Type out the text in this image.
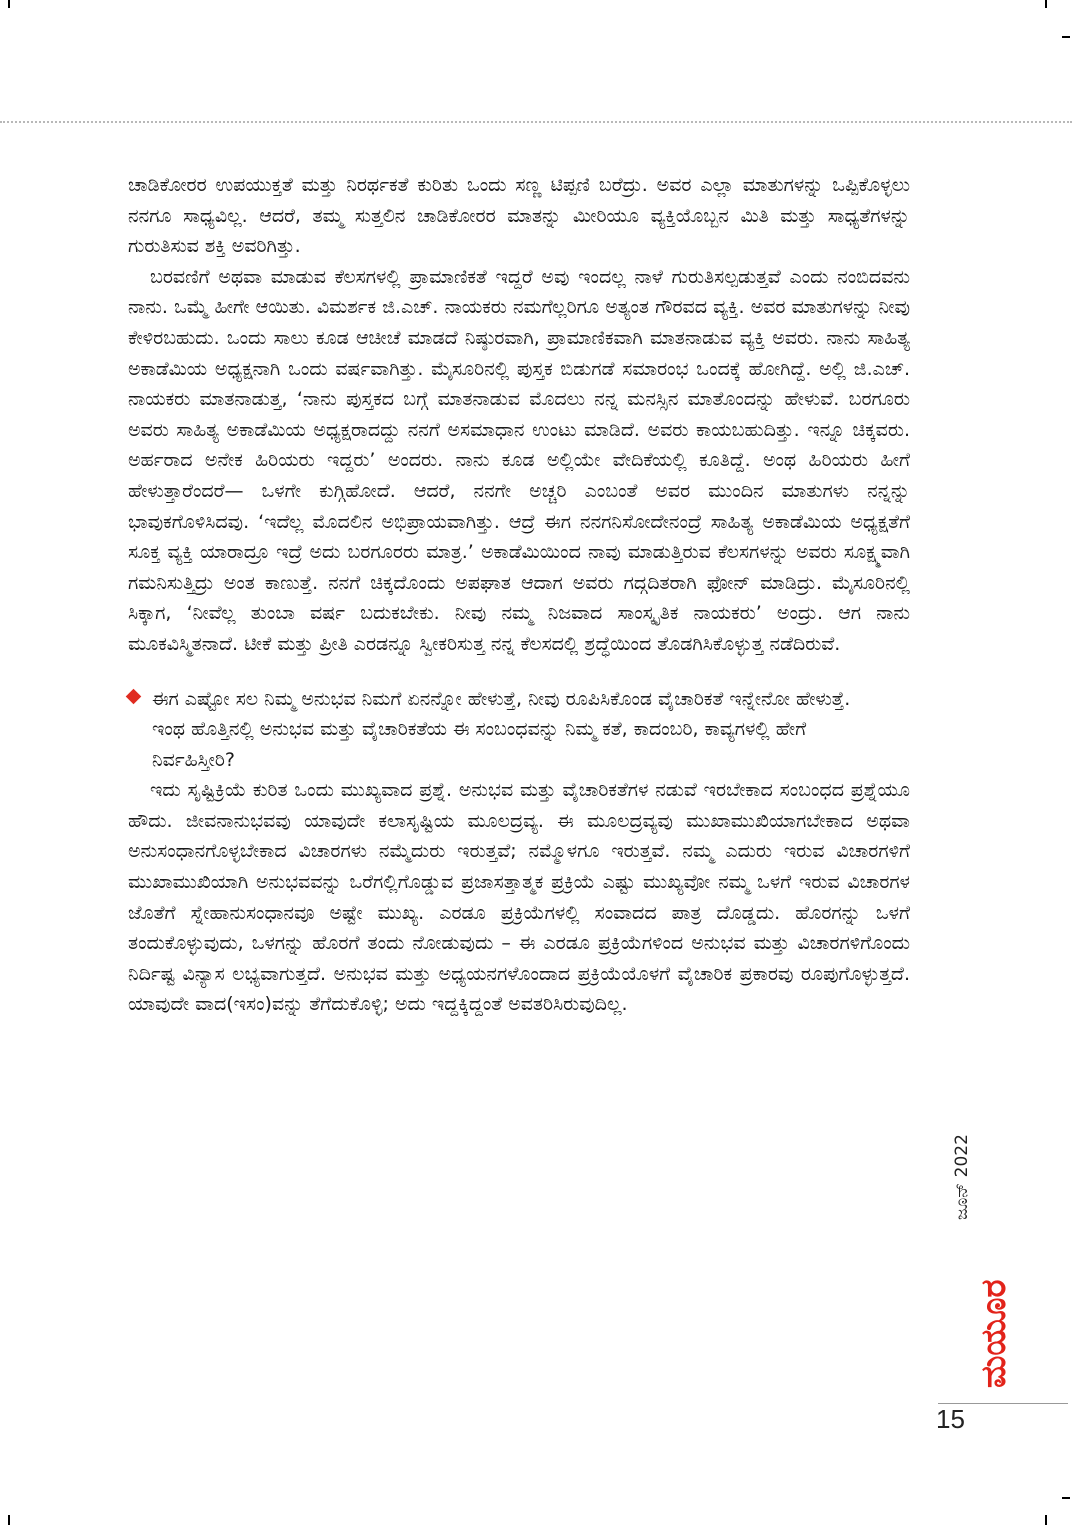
ಚಾಡಿಕೋರರ ಉಪಯುಕ್ತತೆ ಮತ್ತು ನಿರರ್ಥಕತೆ ಕುರಿತು ಒಂದು ಸಣ್ಣ ಟಿಪ್ಪಣಿ ಬರೆದ್ರು. ಅವರ ಎಲ್ಲಾ ಮಾತುಗಳನ್ನು ಒಪ್ಪಿಕೊಳ್ಳಲು ನನಗೂ ಸಾಧ್ಯವಿಲ್ಲ. ಆದರೆ, ತಮ್ಮ ಸುತ್ತಲಿನ ಚಾಡಿಕೋರರ ಮಾತನ್ನು ಮೀರಿಯೂ ವ್ಯಕ್ತಿಯೊಬ್ಬನ ಮಿತಿ ಮತ್ತು ಸಾಧ್ಯತೆಗಳನ್ನು ಗುರುತಿಸುವ ಶಕ್ತಿ ಅವರಿಗಿತ್ತು.

ಬರವಣಿಗೆ ಅಥವಾ ಮಾಡುವ ಕೆಲಸಗಳಲ್ಲಿ ಪ್ರಾಮಾಣಿಕತೆ ಇದ್ದರೆ ಅವು ಇಂದಲ್ಲ ನಾಳೆ ಗುರುತಿಸಲ್ಪಡುತ್ತವೆ ಎಂದು ನಂಬಿದವನು ನಾನು. ಒಮ್ಮೆ ಹೀಗೇ ಆಯಿತು. ವಿಮರ್ಶಕ ಜಿ.ಎಚ್. ನಾಯಕರು ನಮಗೆಲ್ಲರಿಗೂ ಅತ್ಯಂತ ಗೌರವದ ವ್ಯಕ್ತಿ. ಅವರ ಮಾತುಗಳನ್ನು ನೀವು ಕೇಳಿರಬಹುದು. ಒಂದು ಸಾಲು ಕೂಡ ಆಚೀಚೆ ಮಾಡದೆ ನಿಷ್ಠುರವಾಗಿ, ಪ್ರಾಮಾಣಿಕವಾಗಿ ಮಾತನಾಡುವ ವ್ಯಕ್ತಿ ಅವರು. ನಾನು ಸಾಹಿತ್ಯ ಅಕಾಡೆಮಿಯ ಅಧ್ಯಕ್ಷನಾಗಿ ಒಂದು ವರ್ಷವಾಗಿತ್ತು. ಮೈಸೂರಿನಲ್ಲಿ ಪುಸ್ತಕ ಬಿಡುಗಡೆ ಸಮಾರಂಭ ಒಂದಕ್ಕೆ ಹೋಗಿದ್ದೆ. ಅಲ್ಲಿ ಜಿ.ಎಚ್. ನಾಯಕರು ಮಾತನಾಡುತ್ತ, ‘ನಾನು ಪುಸ್ತಕದ ಬಗ್ಗೆ ಮಾತನಾಡುವ ಮೊದಲು ನನ್ನ ಮನಸ್ಸಿನ ಮಾತೊಂದನ್ನು ಹೇಳುವೆ. ಬರಗೂರು ಅವರು ಸಾಹಿತ್ಯ ಅಕಾಡೆಮಿಯ ಅಧ್ಯಕ್ಷರಾದದ್ದು ನನಗೆ ಅಸಮಾಧಾನ ಉಂಟು ಮಾಡಿದೆ. ಅವರು ಕಾಯಬಹುದಿತ್ತು. ಇನ್ನೂ ಚಿಕ್ಕವರು. ಅರ್ಹರಾದ ಅನೇಕ ಹಿರಿಯರು ಇದ್ದರು’ ಅಂದರು. ನಾನು ಕೂಡ ಅಲ್ಲಿಯೇ ವೇದಿಕೆಯಲ್ಲಿ ಕೂತಿದ್ದೆ. ಅಂಥ ಹಿರಿಯರು ಹೀಗೆ ಹೇಳುತ್ತಾರೆಂದರೆ— ಒಳಗೇ ಕುಗ್ಗಿಹೋದೆ. ಆದರೆ, ನನಗೇ ಅಚ್ಚರಿ ಎಂಬಂತೆ ಅವರ ಮುಂದಿನ ಮಾತುಗಳು ನನ್ನನ್ನು ಭಾವುಕಗೊಳಿಸಿದವು. ‘ಇದೆಲ್ಲ ಮೊದಲಿನ ಅಭಿಪ್ರಾಯವಾಗಿತ್ತು. ಆದ್ರೆ ಈಗ ನನಗನಿಸೋದೇನಂದ್ರೆ ಸಾಹಿತ್ಯ ಅಕಾಡೆಮಿಯ ಅಧ್ಯಕ್ಷತೆಗೆ ಸೂಕ್ತ ವ್ಯಕ್ತಿ ಯಾರಾದ್ರೂ ಇದ್ರೆ ಅದು ಬರಗೂರರು ಮಾತ್ರ.’ ಅಕಾಡೆಮಿಯಿಂದ ನಾವು ಮಾಡುತ್ತಿರುವ ಕೆಲಸಗಳನ್ನು ಅವರು ಸೂಕ್ಷ್ಮವಾಗಿ ಗಮನಿಸುತ್ತಿದ್ರು ಅಂತ ಕಾಣುತ್ತೆ. ನನಗೆ ಚಿಕ್ಕದೊಂದು ಅಪಘಾತ ಆದಾಗ ಅವರು ಗದ್ಗದಿತರಾಗಿ ಫೋನ್ ಮಾಡಿದ್ರು. ಮೈಸೂರಿನಲ್ಲಿ ಸಿಕ್ಕಾಗ, ‘ನೀವೆಲ್ಲ ತುಂಬಾ ವರ್ಷ ಬದುಕಬೇಕು. ನೀವು ನಮ್ಮ ನಿಜವಾದ ಸಾಂಸ್ಕೃತಿಕ ನಾಯಕರು’ ಅಂದ್ರು. ಆಗ ನಾನು ಮೂಕವಿಸ್ಮಿತನಾದೆ. ಟೀಕೆ ಮತ್ತು ಪ್ರೀತಿ ಎರಡನ್ನೂ ಸ್ವೀಕರಿಸುತ್ತ ನನ್ನ ಕೆಲಸದಲ್ಲಿ ಶ್ರದ್ಧೆಯಿಂದ ತೊಡಗಿಸಿಕೊಳ್ಳುತ್ತ ನಡೆದಿರುವೆ.

ಈಗ ಎಷ್ಟೋ ಸಲ ನಿಮ್ಮ ಅನುಭವ ನಿಮಗೆ ಏನನ್ನೋ ಹೇಳುತ್ತೆ, ನೀವು ರೂಪಿಸಿಕೊಂಡ ವೈಚಾರಿಕತೆ ಇನ್ನೇನೋ ಹೇಳುತ್ತೆ. ಇಂಥ ಹೊತ್ತಿನಲ್ಲಿ ಅನುಭವ ಮತ್ತು ವೈಚಾರಿಕತೆಯ ಈ ಸಂಬಂಧವನ್ನು ನಿಮ್ಮ ಕತೆ, ಕಾದಂಬರಿ, ಕಾವ್ಯಗಳಲ್ಲಿ ಹೇಗೆ ನಿರ್ವಹಿಸ್ತೀರಿ?

ಇದು ಸೃಷ್ಟಿಕ್ರಿಯೆ ಕುರಿತ ಒಂದು ಮುಖ್ಯವಾದ ಪ್ರಶ್ನೆ. ಅನುಭವ ಮತ್ತು ವೈಚಾರಿಕತೆಗಳ ನಡುವೆ ಇರಬೇಕಾದ ಸಂಬಂಧದ ಪ್ರಶ್ನೆಯೂ ಹೌದು. ಜೀವನಾನುಭವವು ಯಾವುದೇ ಕಲಾಸೃಷ್ಟಿಯ ಮೂಲದ್ರವ್ಯ. ಈ ಮೂಲದ್ರವ್ಯವು ಮುಖಾಮುಖಿಯಾಗಬೇಕಾದ ಅಥವಾ ಅನುಸಂಧಾನಗೊಳ್ಳಬೇಕಾದ ವಿಚಾರಗಳು ನಮ್ಮೆದುರು ಇರುತ್ತವೆ; ನಮ್ಮೊಳಗೂ ಇರುತ್ತವೆ. ನಮ್ಮ ಎದುರು ಇರುವ ವಿಚಾರಗಳಿಗೆ ಮುಖಾಮುಖಿಯಾಗಿ ಅನುಭವವನ್ನು ಒರೆಗಲ್ಲಿಗೊಡ್ಡುವ ಪ್ರಜಾಸತ್ತಾತ್ಮಕ ಪ್ರಕ್ರಿಯೆ ಎಷ್ಟು ಮುಖ್ಯವೋ ನಮ್ಮ ಒಳಗೆ ಇರುವ ವಿಚಾರಗಳ ಜೊತೆಗೆ ಸ್ನೇಹಾನುಸಂಧಾನವೂ ಅಷ್ಟೇ ಮುಖ್ಯ. ಎರಡೂ ಪ್ರಕ್ರಿಯೆಗಳಲ್ಲಿ ಸಂವಾದದ ಪಾತ್ರ ದೊಡ್ಡದು. ಹೊರಗನ್ನು ಒಳಗೆ ತಂದುಕೊಳ್ಳುವುದು, ಒಳಗನ್ನು ಹೊರಗೆ ತಂದು ನೋಡುವುದು – ಈ ಎರಡೂ ಪ್ರಕ್ರಿಯೆಗಳಿಂದ ಅನುಭವ ಮತ್ತು ವಿಚಾರಗಳಿಗೊಂದು ನಿರ್ದಿಷ್ಟ ವಿನ್ಯಾಸ ಲಭ್ಯವಾಗುತ್ತದೆ. ಅನುಭವ ಮತ್ತು ಅಧ್ಯಯನಗಳೊಂದಾದ ಪ್ರಕ್ರಿಯೆಯೊಳಗೆ ವೈಚಾರಿಕ ಪ್ರಕಾರವು ರೂಪುಗೊಳ್ಳುತ್ತದೆ. ಯಾವುದೇ ವಾದ(ಇಸಂ)ವನ್ನು ತೆಗೆದುಕೊಳ್ಳಿ; ಅದು ಇದ್ದಕ್ಕಿದ್ದಂತೆ ಅವತರಿಸಿರುವುದಿಲ್ಲ.

ಜೂನ್ 2022
ಮಯೂರ
15
